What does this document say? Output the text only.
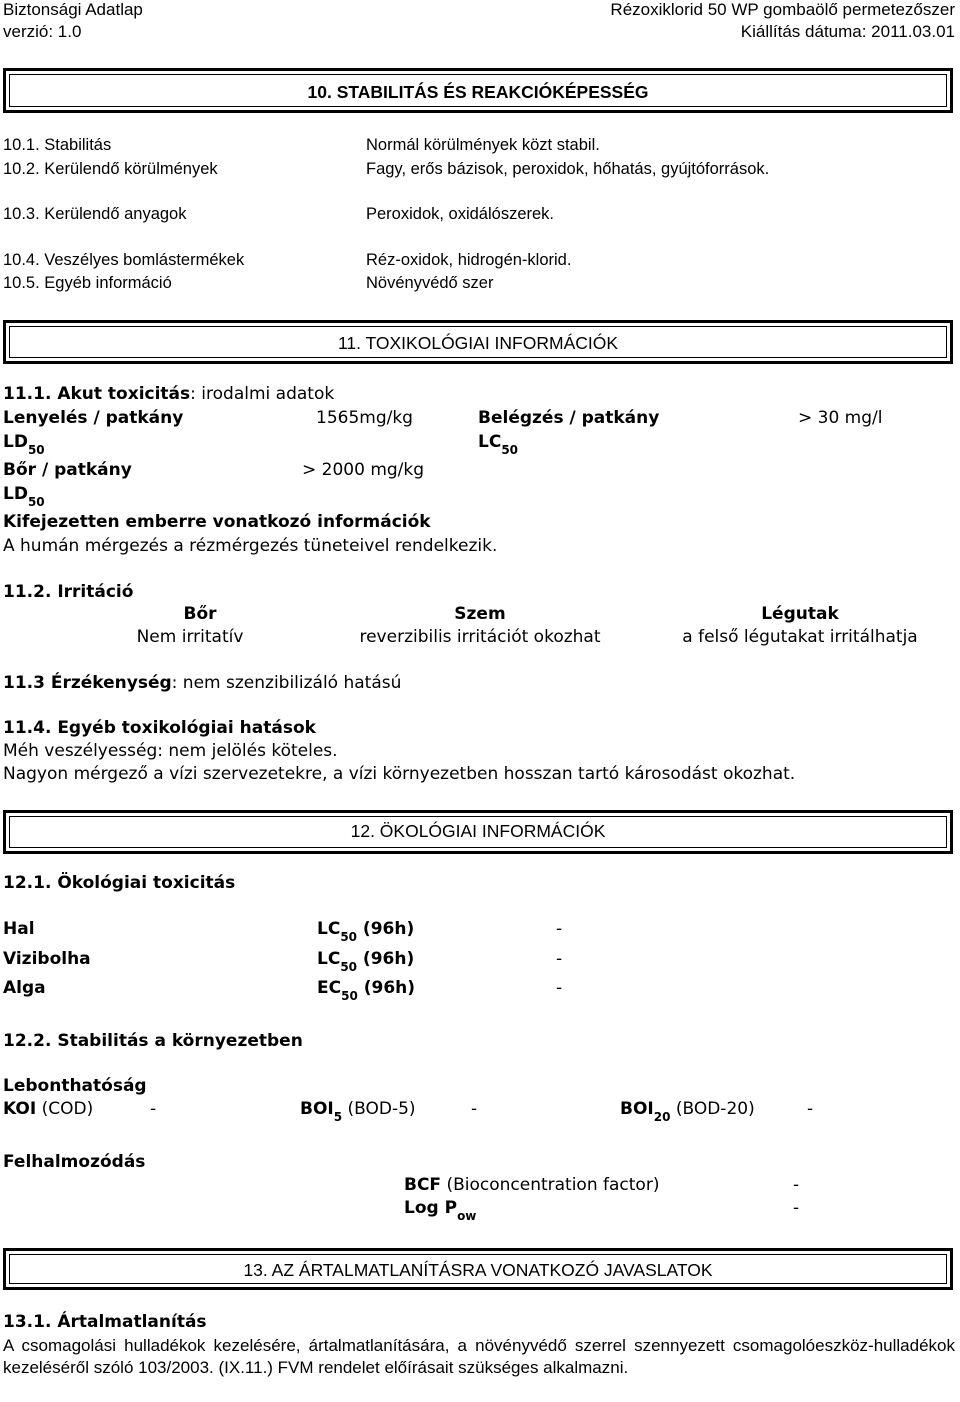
Biztonsági Adatlap
verzió: 1.0
Rézoxiklorid 50 WP gombaölő permetezőszer
Kiállítás dátuma: 2011.03.01
10. STABILITÁS ÉS REAKCIÓKÉPESSÉG
10.1. Stabilitás	Normál körülmények közt stabil.
10.2. Kerülendő körülmények	Fagy, erős bázisok, peroxidok, hőhatás, gyújtóforrások.
10.3. Kerülendő anyagok	Peroxidok, oxidálószerek.
10.4. Veszélyes bomlástermékek	Réz-oxidok, hidrogén-klorid.
10.5. Egyéb információ	Növényvédő szer
11. TOXIKOLÓGIAI INFORMÁCIÓK
11.1. Akut toxicitás: irodalmi adatok
Lenyelés / patkány	1565mg/kg	Belégzés / patkány	> 30 mg/l
$LD_{50}$	$LC_{50}$
Bőr / patkány	> 2000 mg/kg
$LD_{50}$
Kifejezetten emberre vonatkozó információk
A humán mérgezés a rézmérgezés tüneteivel rendelkezik.
11.2. Irritáció
Bőr	Szem	Légutak
Nem irritatív	reverzibilis irritációt okozhat	a felső légutakat irritálhatja
11.3 Érzékenység: nem szenzibilizáló hatású
11.4. Egyéb toxikológiai hatások
Méh veszélyesség: nem jelölés köteles.
Nagyon mérgező a vízi szervezetekre, a vízi környezetben hosszan tartó károsodást okozhat.
12. ÖKOLÓGIAI INFORMÁCIÓK
12.1. Ökológiai toxicitás
Hal	$LC_{50}$ (96h)	-
Vizibolha	$LC_{50}$ (96h)	-
Alga	$EC_{50}$ (96h)	-
12.2. Stabilitás a környezetben
Lebonthatóság
KOI (COD)	-	$BOI_5$ (BOD-5)	-	$BOI_{20}$ (BOD-20)	-
Felhalmozódás
BCF (Bioconcentration factor)	-
Log $P_{ow}$	-
13. AZ ÁRTALMATLANÍTÁSRA VONATKOZÓ JAVASLATOK
13.1. Ártalmatlanítás
A csomagolási hulladékok kezelésére, ártalmatlanítására, a növényvédő szerrel szennyezett csomagolóeszköz-hulladékok kezeléséről szóló 103/2003. (IX.11.) FVM rendelet előírásait szükséges alkalmazni.
